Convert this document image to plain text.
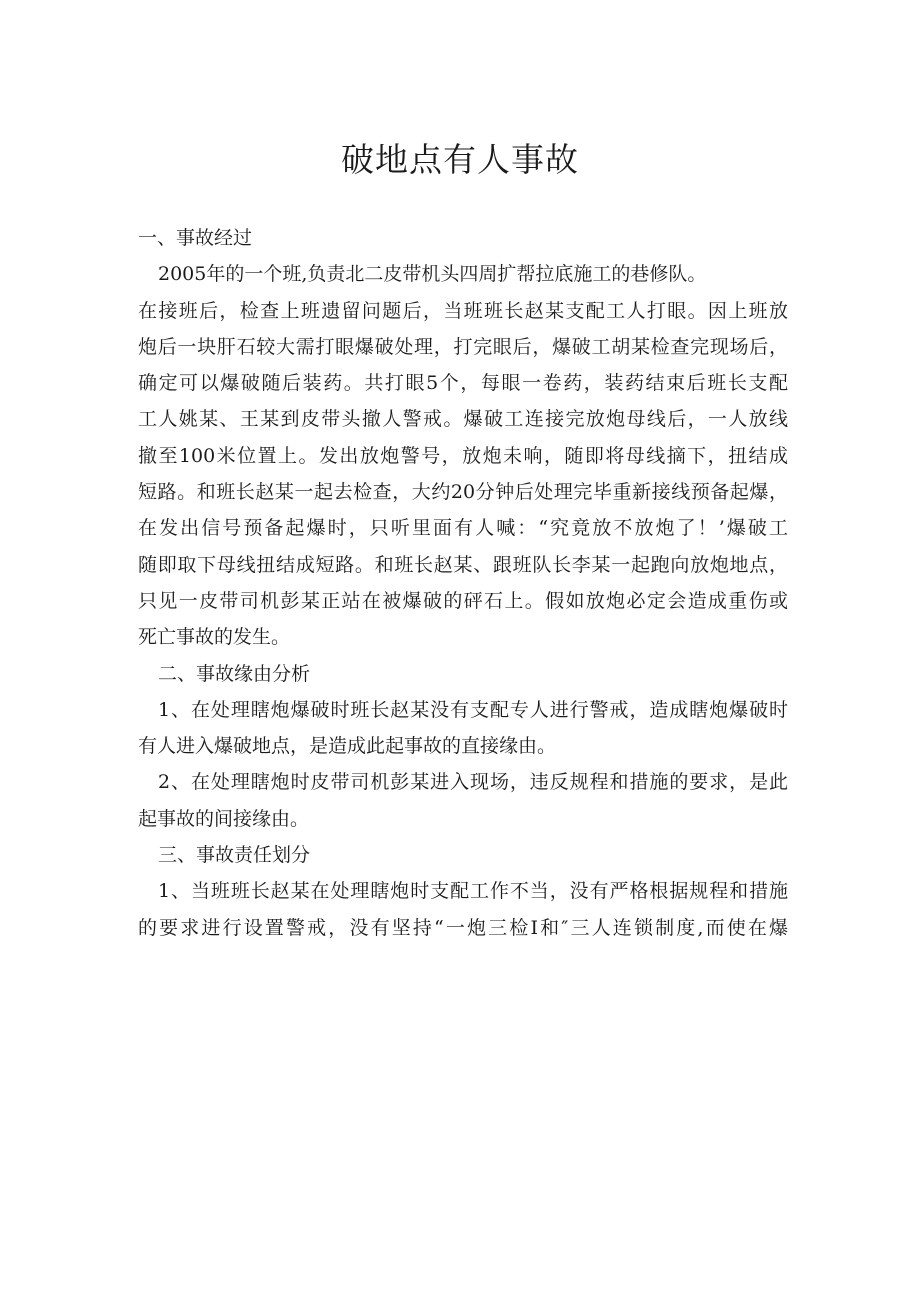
破地点有人事故
一、事故经过
2005年的一个班,负责北二皮带机头四周扩帮拉底施工的巷修队。
在接班后，检查上班遗留问题后，当班班长赵某支配工人打眼。因上班放
炮后一块肝石较大需打眼爆破处理，打完眼后，爆破工胡某检查完现场后，
确定可以爆破随后装药。共打眼5个，每眼一卷药，装药结束后班长支配
工人姚某、王某到皮带头撤人警戒。爆破工连接完放炮母线后，一人放线
撤至100米位置上。发出放炮警号，放炮未响，随即将母线摘下，扭结成
短路。和班长赵某一起去检查，大约20分钟后处理完毕重新接线预备起爆，
在发出信号预备起爆时，只听里面有人喊：“究竟放不放炮了！’爆破工
随即取下母线扭结成短路。和班长赵某、跟班队长李某一起跑向放炮地点，
只见一皮带司机彭某正站在被爆破的砰石上。假如放炮必定会造成重伤或
死亡事故的发生。
二、事故缘由分析
1、在处理瞎炮爆破时班长赵某没有支配专人进行警戒，造成瞎炮爆破时
有人进入爆破地点，是造成此起事故的直接缘由。
2、在处理瞎炮时皮带司机彭某进入现场，违反规程和措施的要求，是此
起事故的间接缘由。
三、事故责任划分
1、当班班长赵某在处理瞎炮时支配工作不当，没有严格根据规程和措施
的要求进行设置警戒，没有坚持“一炮三检I和″三人连锁制度,而使在爆
